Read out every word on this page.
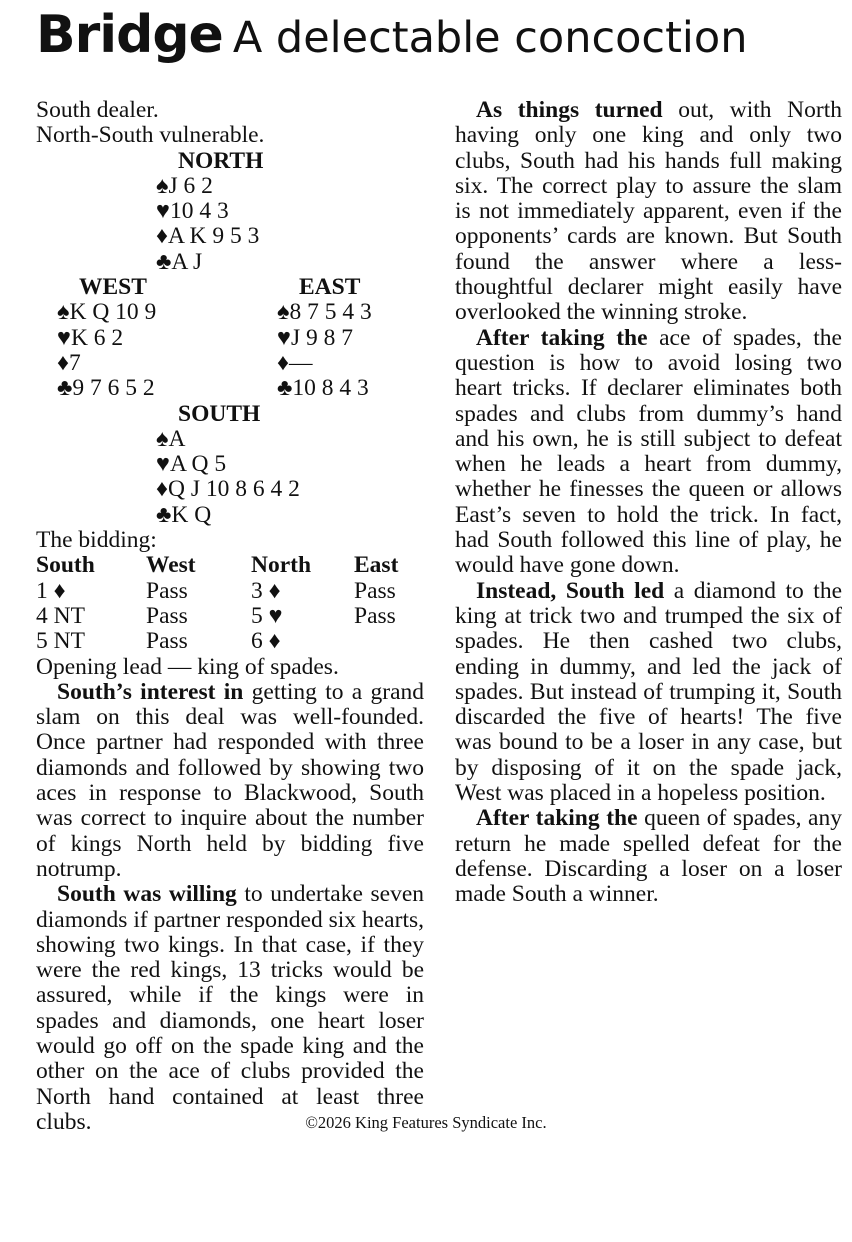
Bridge A delectable concoction
South dealer.
North-South vulnerable.
NORTH
♠J 6 2
♥10 4 3
♦A K 9 5 3
♣A J
WEST
♠K Q 10 9
♥K 6 2
♦7
♣9 7 6 5 2
EAST
♠8 7 5 4 3
♥J 9 8 7
♦—
♣10 8 4 3
SOUTH
♠A
♥A Q 5
♦Q J 10 8 6 4 2
♣K Q
The bidding:
South West North East
1 ♦	Pass	3 ♦	Pass
4 NT	Pass	5 ♥	Pass
5 NT	Pass	6 ♦
Opening lead — king of spades.

South’s interest in getting to a grand slam on this deal was well-founded. Once partner had responded with three diamonds and followed by showing two aces in response to Blackwood, South was correct to inquire about the number of kings North held by bidding five notrump.

South was willing to undertake seven diamonds if partner responded six hearts, showing two kings. In that case, if they were the red kings, 13 tricks would be assured, while if the kings were in spades and diamonds, one heart loser would go off on the spade king and the other on the ace of clubs provided the North hand contained at least three clubs.

As things turned out, with North having only one king and only two clubs, South had his hands full making six. The correct play to assure the slam is not immediately apparent, even if the opponents’ cards are known. But South found the answer where a less-thoughtful declarer might easily have overlooked the winning stroke.

After taking the ace of spades, the question is how to avoid losing two heart tricks. If declarer eliminates both spades and clubs from dummy’s hand and his own, he is still subject to defeat when he leads a heart from dummy, whether he finesses the queen or allows East’s seven to hold the trick. In fact, had South followed this line of play, he would have gone down.

Instead, South led a diamond to the king at trick two and trumped the six of spades. He then cashed two clubs, ending in dummy, and led the jack of spades. But instead of trumping it, South discarded the five of hearts! The five was bound to be a loser in any case, but by disposing of it on the spade jack, West was placed in a hopeless position.

After taking the queen of spades, any return he made spelled defeat for the defense. Discarding a loser on a loser made South a winner.

©2026 King Features Syndicate Inc.
